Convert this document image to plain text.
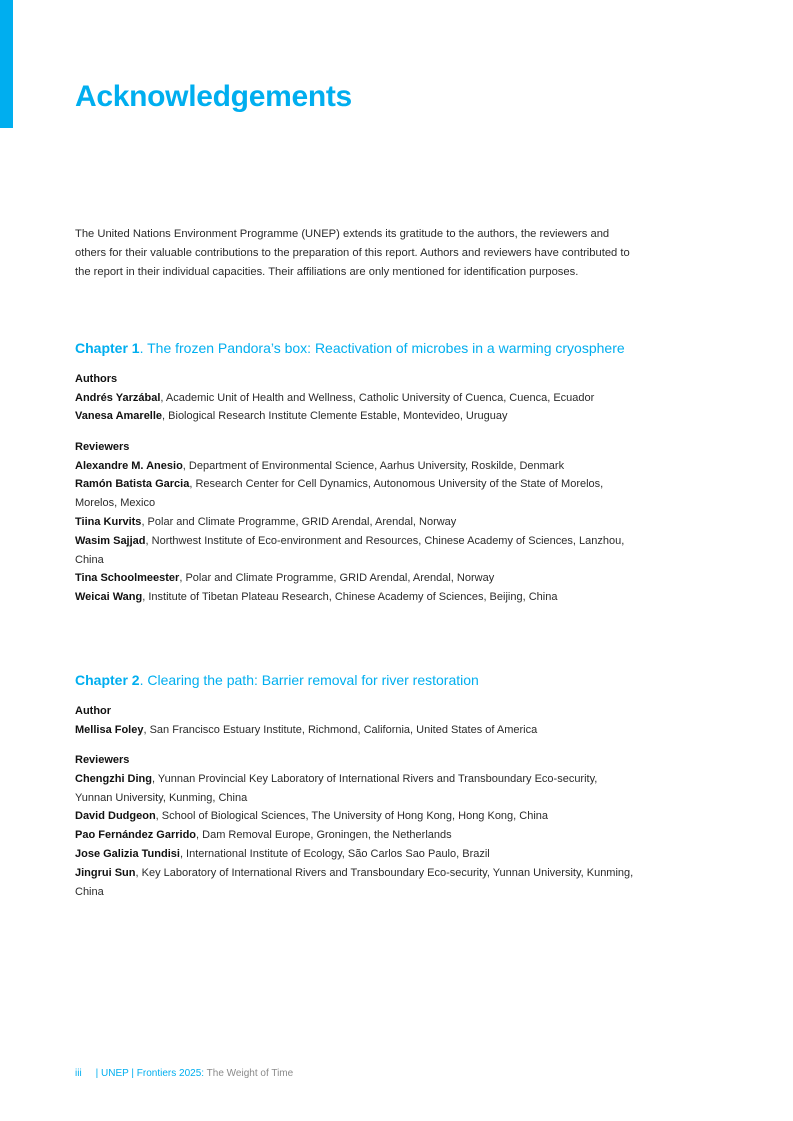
Acknowledgements

The United Nations Environment Programme (UNEP) extends its gratitude to the authors, the reviewers and others for their valuable contributions to the preparation of this report. Authors and reviewers have contributed to the report in their individual capacities. Their affiliations are only mentioned for identification purposes.

Chapter 1. The frozen Pandora’s box: Reactivation of microbes in a warming cryosphere

Authors

Andrés Yarzábal, Academic Unit of Health and Wellness, Catholic University of Cuenca, Cuenca, Ecuador

Vanesa Amarelle, Biological Research Institute Clemente Estable, Montevideo, Uruguay

Reviewers

Alexandre M. Anesio, Department of Environmental Science, Aarhus University, Roskilde, Denmark

Ramón Batista Garcia, Research Center for Cell Dynamics, Autonomous University of the State of Morelos, Morelos, Mexico

Tiina Kurvits, Polar and Climate Programme, GRID Arendal, Arendal, Norway

Wasim Sajjad, Northwest Institute of Eco-environment and Resources, Chinese Academy of Sciences, Lanzhou, China

Tina Schoolmeester, Polar and Climate Programme, GRID Arendal, Arendal, Norway

Weicai Wang, Institute of Tibetan Plateau Research, Chinese Academy of Sciences, Beijing, China

Chapter 2. Clearing the path: Barrier removal for river restoration

Author

Mellisa Foley, San Francisco Estuary Institute, Richmond, California, United States of America

Reviewers

Chengzhi Ding, Yunnan Provincial Key Laboratory of International Rivers and Transboundary Eco-security, Yunnan University, Kunming, China

David Dudgeon, School of Biological Sciences, The University of Hong Kong, Hong Kong, China

Pao Fernández Garrido, Dam Removal Europe, Groningen, the Netherlands

Jose Galizia Tundisi, International Institute of Ecology, São Carlos Sao Paulo, Brazil

Jingrui Sun, Key Laboratory of International Rivers and Transboundary Eco-security, Yunnan University, Kunming, China

iii | UNEP | Frontiers 2025: The Weight of Time
